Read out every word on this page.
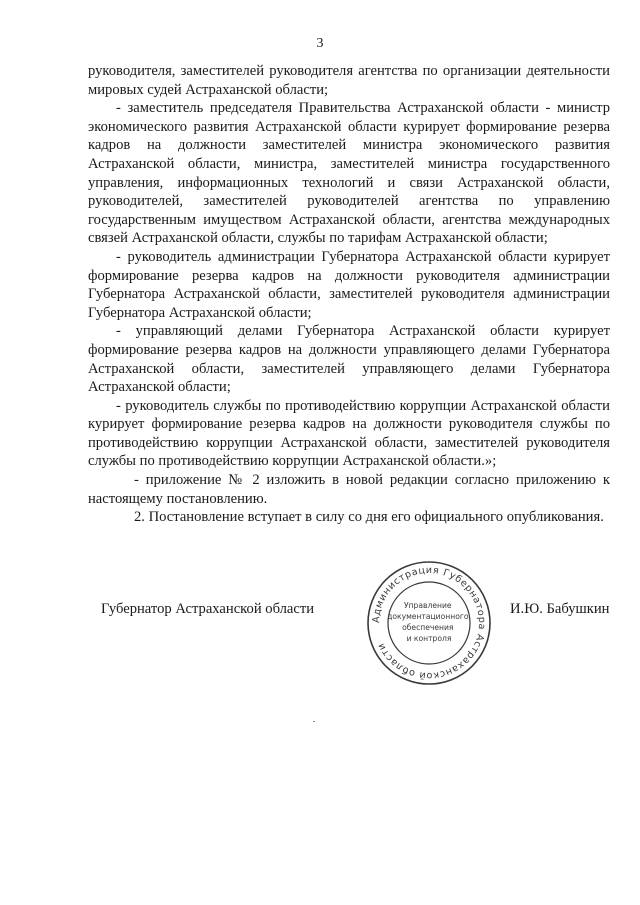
3

руководителя, заместителей руководителя агентства по организации деятельности мировых судей Астраханской области;

- заместитель председателя Правительства Астраханской области - министр экономического развития Астраханской области курирует формирование резерва кадров на должности заместителей министра экономического развития Астраханской области, министра, заместителей министра государственного управления, информационных технологий и связи Астраханской области, руководителей, заместителей руководителей агентства по управлению государственным имуществом Астраханской области, агентства международных связей Астраханской области, службы по тарифам Астраханской области;

- руководитель администрации Губернатора Астраханской области курирует формирование резерва кадров на должности руководителя администрации Губернатора Астраханской области, заместителей руководителя администрации Губернатора Астраханской области;

- управляющий делами Губернатора Астраханской области курирует формирование резерва кадров на должности управляющего делами Губернатора Астраханской области, заместителей управляющего делами Губернатора Астраханской области;

- руководитель службы по противодействию коррупции Астраханской области курирует формирование резерва кадров на должности руководителя службы по противодействию коррупции Астраханской области, заместителей руководителя службы по противодействию коррупции Астраханской области.»;

- приложение № 2 изложить в новой редакции согласно приложению к настоящему постановлению.

2. Постановление вступает в силу со дня его официального опубликования.

Губернатор Астраханской области	И.Ю. Бабушкин
Администрация Губернатора Астраханской области
Управление документационного обеспечения и контроля
